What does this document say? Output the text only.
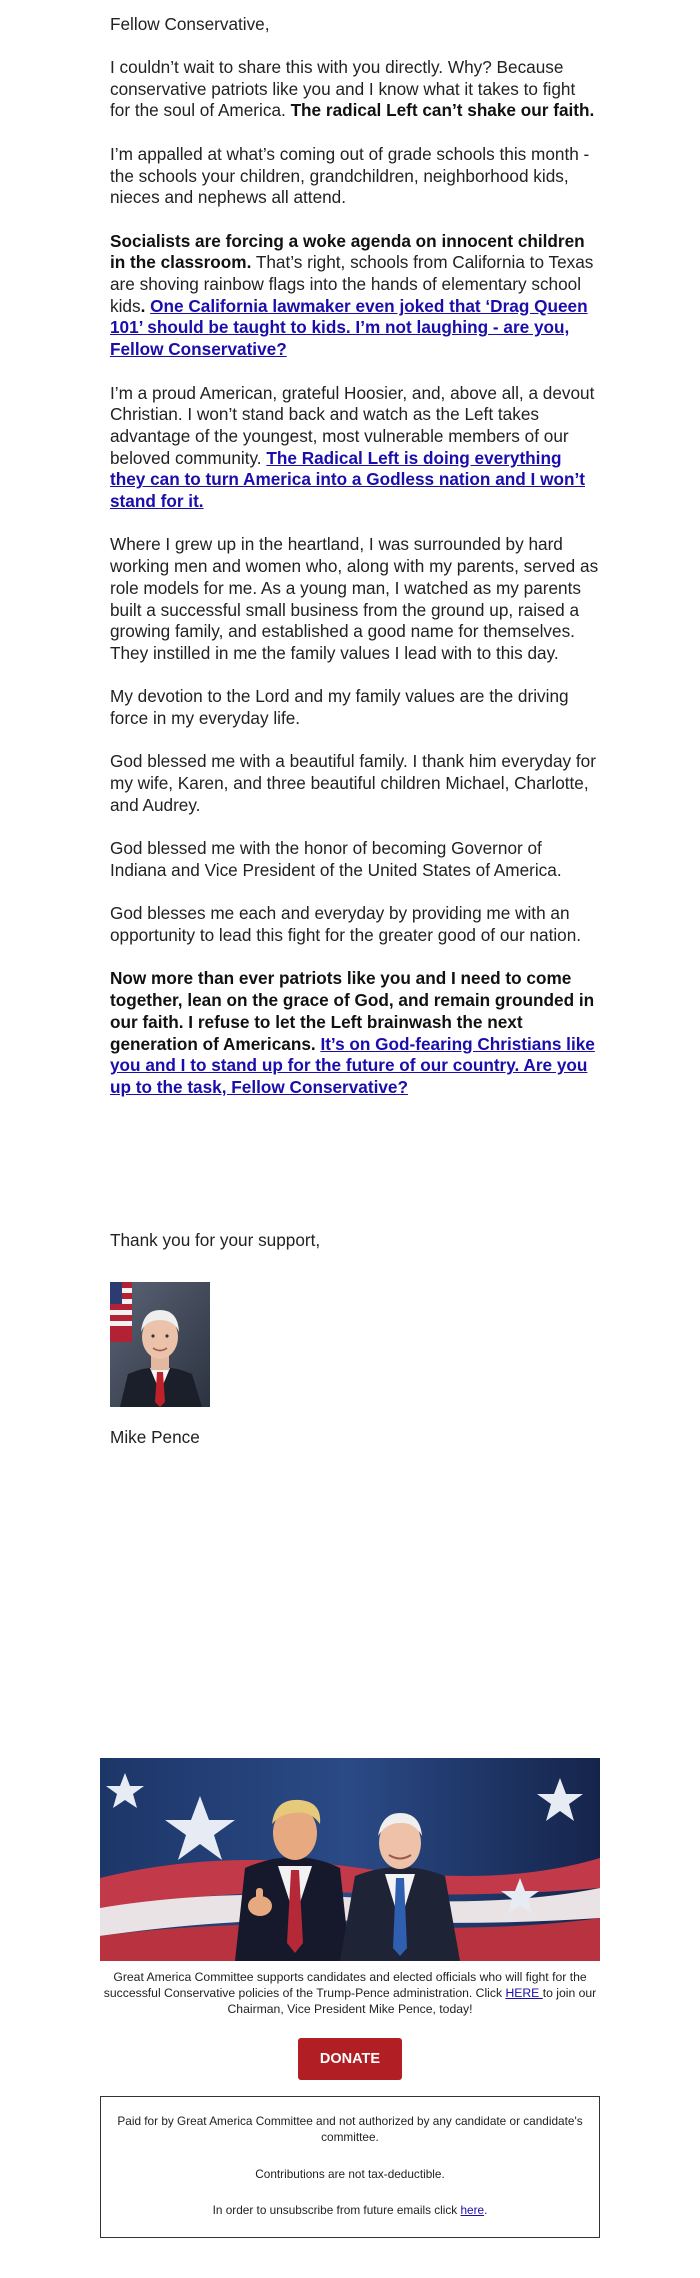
Fellow Conservative,

I couldn’t wait to share this with you directly. Why? Because conservative patriots like you and I know what it takes to fight for the soul of America. The radical Left can’t shake our faith.

I’m appalled at what’s coming out of grade schools this month - the schools your children, grandchildren, neighborhood kids, nieces and nephews all attend.

Socialists are forcing a woke agenda on innocent children in the classroom. That’s right, schools from California to Texas are shoving rainbow flags into the hands of elementary school kids. One California lawmaker even joked that ‘Drag Queen 101’ should be taught to kids. I’m not laughing - are you, Fellow Conservative?

I’m a proud American, grateful Hoosier, and, above all, a devout Christian. I won’t stand back and watch as the Left takes advantage of the youngest, most vulnerable members of our beloved community. The Radical Left is doing everything they can to turn America into a Godless nation and I won’t stand for it.

Where I grew up in the heartland, I was surrounded by hard working men and women who, along with my parents, served as role models for me. As a young man, I watched as my parents built a successful small business from the ground up, raised a growing family, and established a good name for themselves. They instilled in me the family values I lead with to this day.

My devotion to the Lord and my family values are the driving force in my everyday life.

God blessed me with a beautiful family. I thank him everyday for my wife, Karen, and three beautiful children Michael, Charlotte, and Audrey.

God blessed me with the honor of becoming Governor of Indiana and Vice President of the United States of America.

God blesses me each and everyday by providing me with an opportunity to lead this fight for the greater good of our nation.

Now more than ever patriots like you and I need to come together, lean on the grace of God, and remain grounded in our faith. I refuse to let the Left brainwash the next generation of Americans. It’s on God-fearing Christians like you and I to stand up for the future of our country. Are you up to the task, Fellow Conservative?

Thank you for your support,
Mike Pence
Great America Committee supports candidates and elected officials who will fight for the successful Conservative policies of the Trump-Pence administration. Click HERE to join our Chairman, Vice President Mike Pence, today!
DONATE
Paid for by Great America Committee and not authorized by any candidate or candidate's committee.
Contributions are not tax-deductible.
In order to unsubscribe from future emails click here.
